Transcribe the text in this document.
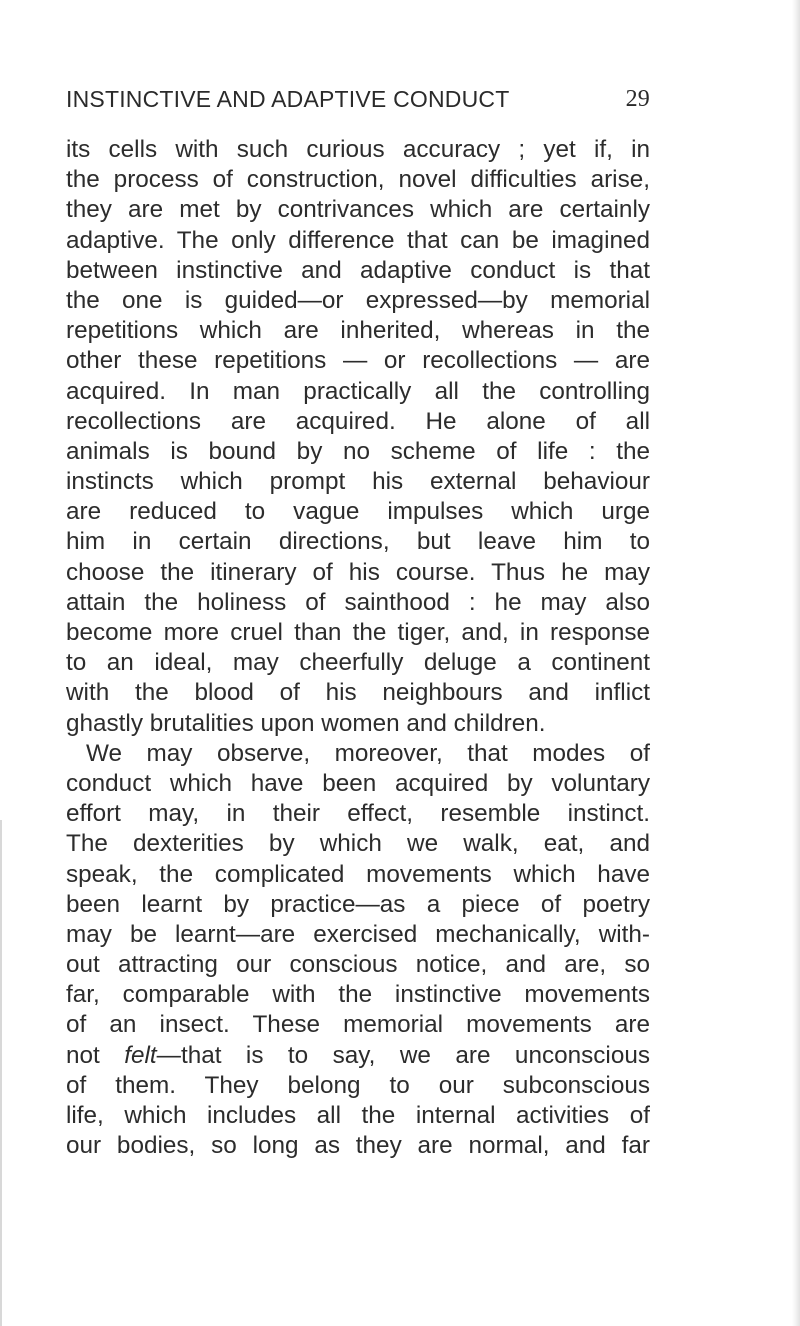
INSTINCTIVE AND ADAPTIVE CONDUCT	29
its cells with such curious accuracy ; yet if, in
the process of construction, novel difficulties arise,
they are met by contrivances which are certainly
adaptive. The only difference that can be imagined
between instinctive and adaptive conduct is that
the one is guided—or expressed—by memorial
repetitions which are inherited, whereas in the
other these repetitions — or recollections — are
acquired. In man practically all the controlling
recollections are acquired. He alone of all
animals is bound by no scheme of life : the
instincts which prompt his external behaviour
are reduced to vague impulses which urge
him in certain directions, but leave him to
choose the itinerary of his course. Thus he may
attain the holiness of sainthood : he may also
become more cruel than the tiger, and, in response
to an ideal, may cheerfully deluge a continent
with the blood of his neighbours and inflict
ghastly brutalities upon women and children.
We may observe, moreover, that modes of
conduct which have been acquired by voluntary
effort may, in their effect, resemble instinct.
The dexterities by which we walk, eat, and
speak, the complicated movements which have
been learnt by practice—as a piece of poetry
may be learnt—are exercised mechanically, with-
out attracting our conscious notice, and are, so
far, comparable with the instinctive movements
of an insect. These memorial movements are
not felt—that is to say, we are unconscious
of them. They belong to our subconscious
life, which includes all the internal activities of
our bodies, so long as they are normal, and far
